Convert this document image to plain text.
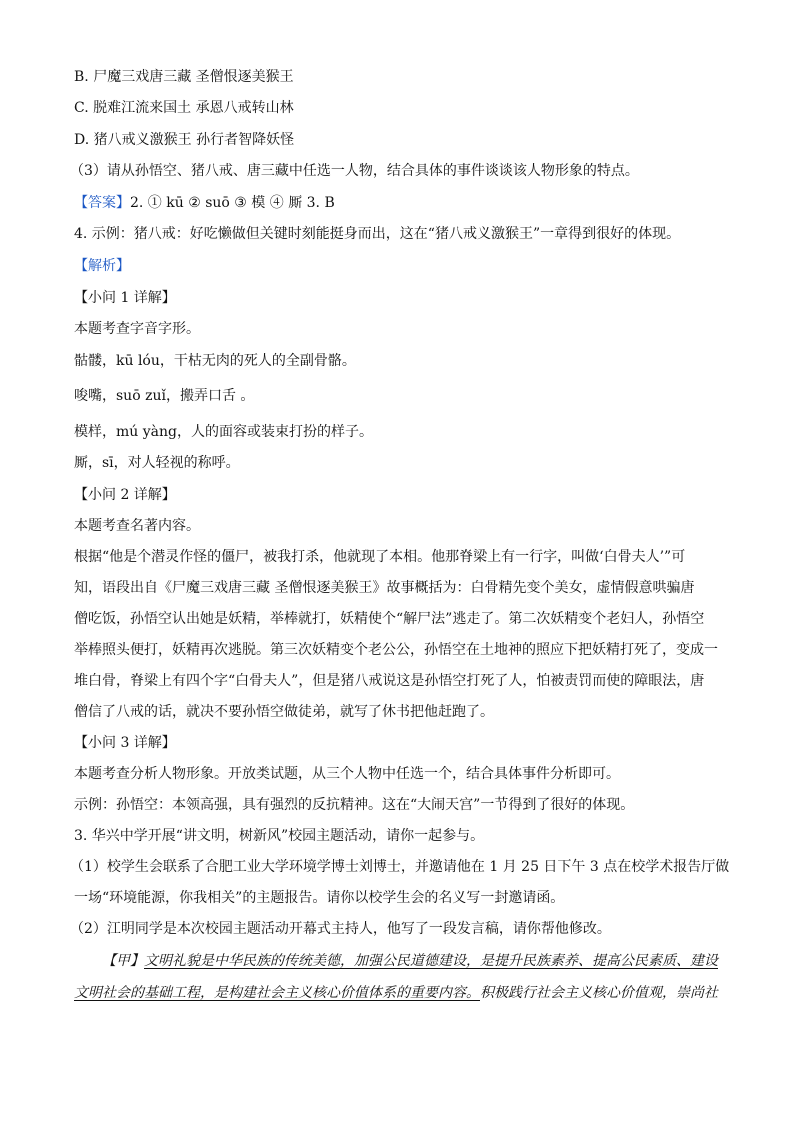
B. 尸魔三戏唐三藏 圣僧恨逐美猴王
C. 脱难江流来国土 承恩八戒转山林
D. 猪八戒义激猴王 孙行者智降妖怪
（3）请从孙悟空、猪八戒、唐三藏中任选一人物，结合具体的事件谈谈该人物形象的特点。
【答案】2. ① kū ② suō ③ 模 ④ 厮 3. B
4. 示例：猪八戒：好吃懒做但关键时刻能挺身而出，这在“猪八戒义激猴王”一章得到很好的体现。
【解析】
【小问 1 详解】
本题考查字音字形。
骷髅，kū lóu，干枯无肉的死人的全副骨骼。
唆嘴，suō zuǐ，搬弄口舌 。
模样，mú yàng，人的面容或装束打扮的样子。
厮，sī，对人轻视的称呼。
【小问 2 详解】
本题考查名著内容。
根据“他是个潜灵作怪的僵尸，被我打杀，他就现了本相。他那脊梁上有一行字，叫做‘白骨夫人’”可
知，语段出自《尸魔三戏唐三藏 圣僧恨逐美猴王》故事概括为：白骨精先变个美女，虚情假意哄骗唐
僧吃饭，孙悟空认出她是妖精，举棒就打，妖精使个“解尸法”逃走了。第二次妖精变个老妇人，孙悟空
举棒照头便打，妖精再次逃脱。第三次妖精变个老公公，孙悟空在土地神的照应下把妖精打死了，变成一
堆白骨，脊梁上有四个字“白骨夫人”，但是猪八戒说这是孙悟空打死了人，怕被责罚而使的障眼法，唐
僧信了八戒的话，就决不要孙悟空做徒弟，就写了休书把他赶跑了。
【小问 3 详解】
本题考查分析人物形象。开放类试题，从三个人物中任选一个，结合具体事件分析即可。
示例：孙悟空：本领高强，具有强烈的反抗精神。这在“大闹天宫”一节得到了很好的体现。
3. 华兴中学开展“讲文明，树新风”校园主题活动，请你一起参与。
（1）校学生会联系了合肥工业大学环境学博士刘博士，并邀请他在 1 月 25 日下午 3 点在校学术报告厅做
一场“环境能源，你我相关”的主题报告。请你以校学生会的名义写一封邀请函。
（2）江明同学是本次校园主题活动开幕式主持人，他写了一段发言稿，请你帮他修改。
【甲】文明礼貌是中华民族的传统美德，加强公民道德建设，是提升民族素养、提高公民素质、建设
文明社会的基础工程，是构建社会主义核心价值体系的重要内容。积极践行社会主义核心价值观，崇尚社
